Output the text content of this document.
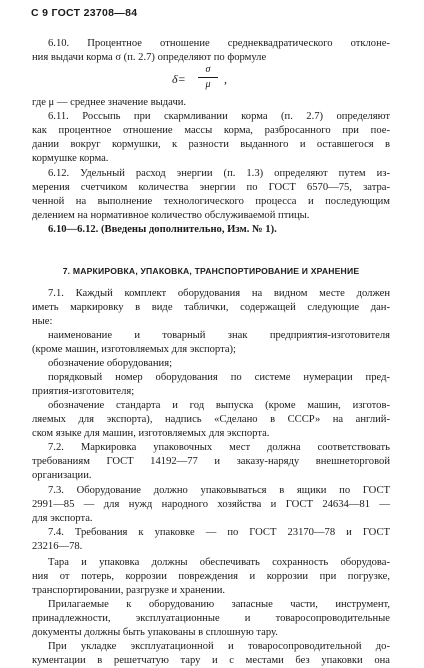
С 9 ГОСТ 23708—84
6.10. Процентное отношение среднеквадратического отклоне-
ния выдачи корма σ (п. 2.7) определяют по формуле
δ=
σ
μ	,
где μ — среднее значение выдачи.
6.11. Россыпь при скармливании корма (п. 2.7) определяют
как процентное отношение массы корма, разбросанного при пое-
дании вокруг кормушки, к разности выданного и оставшегося в
кормушке корма.
6.12. Удельный расход энергии (п. 1.3) определяют путем из-
мерения счетчиком количества энергии по ГОСТ 6570—75, затра-
ченной на выполнение технологического процесса и последующим
делением на нормативное количество обслуживаемой птицы.
6.10—6.12. (Введены дополнительно, Изм. № 1).
7. МАРКИРОВКА, УПАКОВКА, ТРАНСПОРТИРОВАНИЕ И ХРАНЕНИЕ
7.1. Каждый комплект оборудования на видном месте должен
иметь маркировку в виде таблички, содержащей следующие дан-
ные:
наименование и товарный знак предприятия-изготовителя
(кроме машин, изготовляемых для экспорта);
обозначение оборудования;
порядковый номер оборудования по системе нумерации пред-
приятия-изготовителя;
обозначение стандарта и год выпуска (кроме машин, изготов-
ляемых для экспорта), надпись «Сделано в СССР» на англий-
ском языке для машин, изготовляемых для экспорта.
7.2. Маркировка упаковочных мест должна соответствовать
требованиям ГОСТ 14192—77 и заказу-наряду внешнеторговой
организации.
7.3. Оборудование должно упаковываться в ящики по ГОСТ
2991—85 — для нужд народного хозяйства и ГОСТ 24634—81 —
для экспорта.
7.4. Требования к упаковке — по ГОСТ 23170—78 и ГОСТ
23216—78.
Тара и упаковка должны обеспечивать сохранность оборудова-
ния от потерь, коррозии повреждения и коррозии при погрузке,
транспортировании, разгрузке и хранении.
Прилагаемые к оборудованию запасные части, инструмент,
принадлежности, эксплуатационные и товаросопроводительные
документы должны быть упакованы в сплошную тару.
При укладке эксплуатационной и товаросопроводительной до-
кументации в решетчатую тару и с местами без упаковки она
